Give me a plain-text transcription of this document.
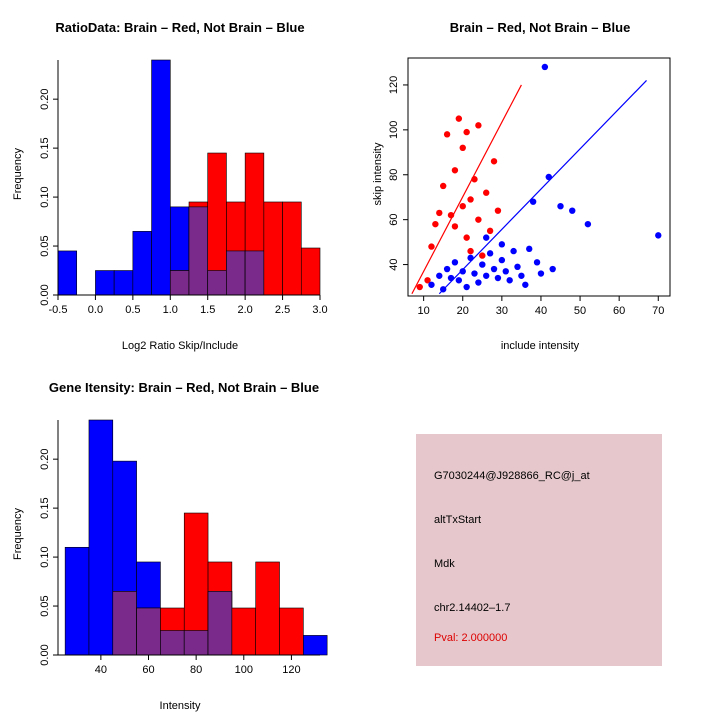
RatioData: Brain – Red, Not Brain – Blue
-0.5 0.0 0.5 1.0 1.5 2.0 2.5 3.0
0.00
0.05
0.10
0.15
0.20
Log2 Ratio Skip/Include
Frequency
Brain – Red, Not Brain – Blue
10 20 30 40 50 60 70
40
60
80
100
120
include intensity
skip intensity
Gene Itensity: Brain – Red, Not Brain – Blue
40	60	80	100	120
0.00
0.05
0.10
0.15
0.20
Intensity
Frequency
G7030244@J928866_RC@j_at
altTxStart
Mdk
chr2.14402–1.7
Pval: 2.000000
